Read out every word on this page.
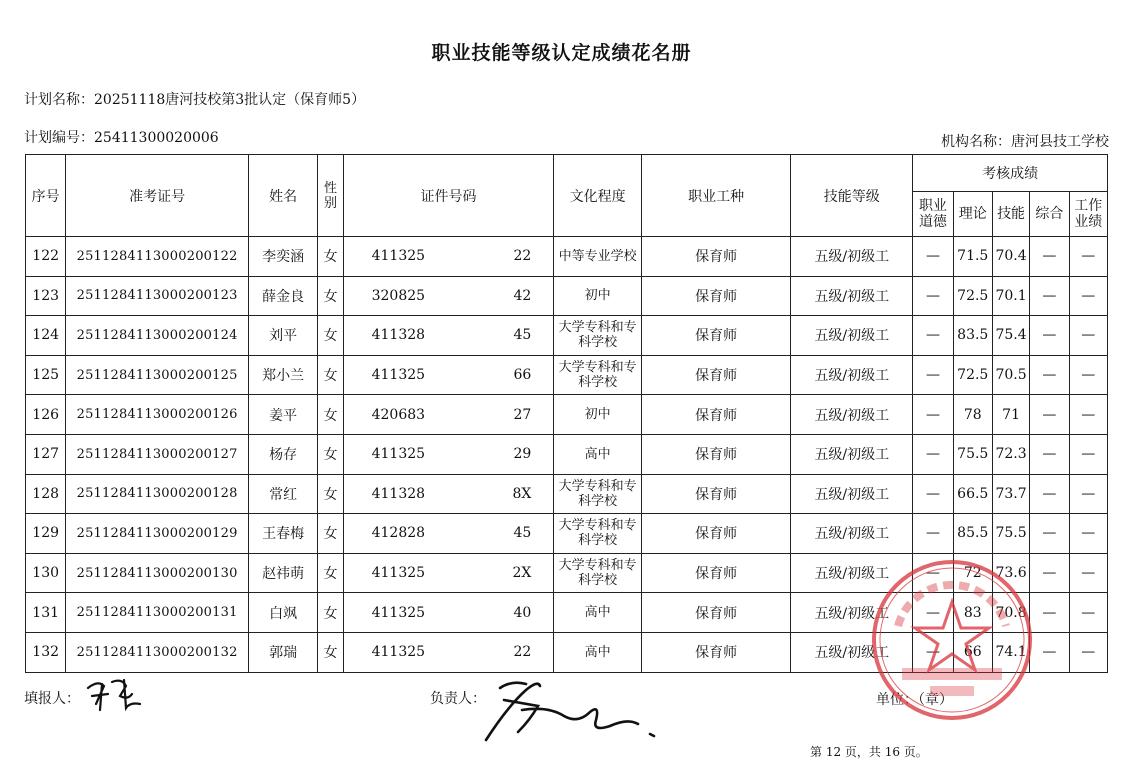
职业技能等级认定成绩花名册
计划名称：20251118唐河技校第3批认定（保育师5）
计划编号：25411300020006	机构名称：唐河县技工学校
序号	准考证号	姓名	性别	证件号码	文化程度	职业工种	技能等级	考核成绩				
								职业道德	理论	技能	综合	工作业绩
122	2511284113000200122	李奕涵	女	411325 22	中等专业学校	保育师	五级/初级工	—	71.5	70.4	—	—
123	2511284113000200123	薛金良	女	320825 42	初中	保育师	五级/初级工	—	72.5	70.1	—	—
124	2511284113000200124	刘平	女	411328 45	大学专科和专科学校	保育师	五级/初级工	—	83.5	75.4	—	—
125	2511284113000200125	郑小兰	女	411325 66	大学专科和专科学校	保育师	五级/初级工	—	72.5	70.5	—	—
126	2511284113000200126	姜平	女	420683 27	初中	保育师	五级/初级工	—	78	71	—	—
127	2511284113000200127	杨存	女	411325 29	高中	保育师	五级/初级工	—	75.5	72.3	—	—
128	2511284113000200128	常红	女	411328 8X	大学专科和专科学校	保育师	五级/初级工	—	66.5	73.7	—	—
129	2511284113000200129	王春梅	女	412828 45	大学专科和专科学校	保育师	五级/初级工	—	85.5	75.5	—	—
130	2511284113000200130	赵祎萌	女	411325 2X	大学专科和专科学校	保育师	五级/初级工	—	72	73.6	—	—
131	2511284113000200131	白飒	女	411325 40	高中	保育师	五级/初级工	—	83	70.8	—	—
132	2511284113000200132	郭瑞	女	411325 22	高中	保育师	五级/初级工	—	66	74.1	—	—
填报人：	负责人：	单位：（章）
第 12 页，共 16 页。
